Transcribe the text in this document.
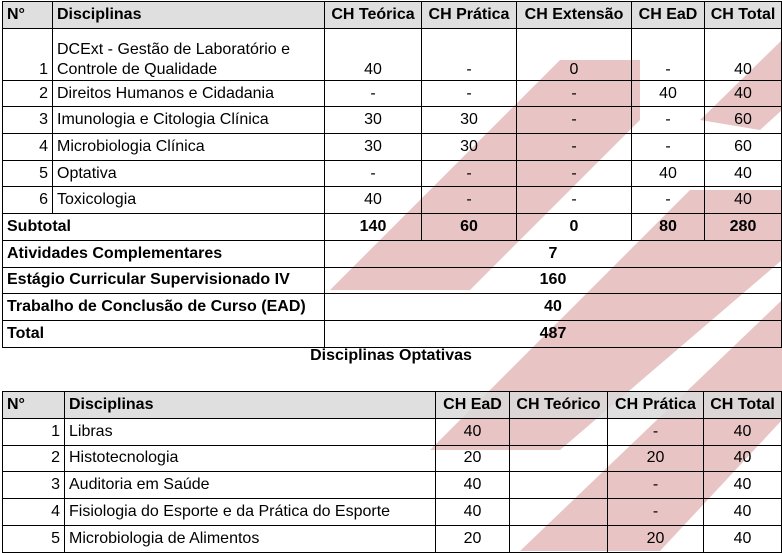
N°	Disciplinas	CH Teórica	CH Prática	CH Extensão	CH EaD	CH Total
1	DCExt - Gestão de Laboratório e Controle de Qualidade	40	-	0	-	40
2	Direitos Humanos e Cidadania	-	-	-	40	40
3	Imunologia e Citologia Clínica	30	30	-	-	60
4	Microbiologia Clínica	30	30	-	-	60
5	Optativa	-	-	-	40	40
6	Toxicologia	40	-	-	-	40
Subtotal		140	60	0	80	280
Atividades Complementares		7				
Estágio Curricular Supervisionado IV		160				
Trabalho de Conclusão de Curso (EAD)		40				
Total		487				
Disciplinas Optativas
N°	Disciplinas	CH EaD	CH Teórico	CH Prática	CH Total
1	Libras	40		-	40
2	Histotecnologia	20		20	40
3	Auditoria em Saúde	40		-	40
4	Fisiologia do Esporte e da Prática do Esporte	40		-	40
5	Microbiologia de Alimentos	20		20	40
